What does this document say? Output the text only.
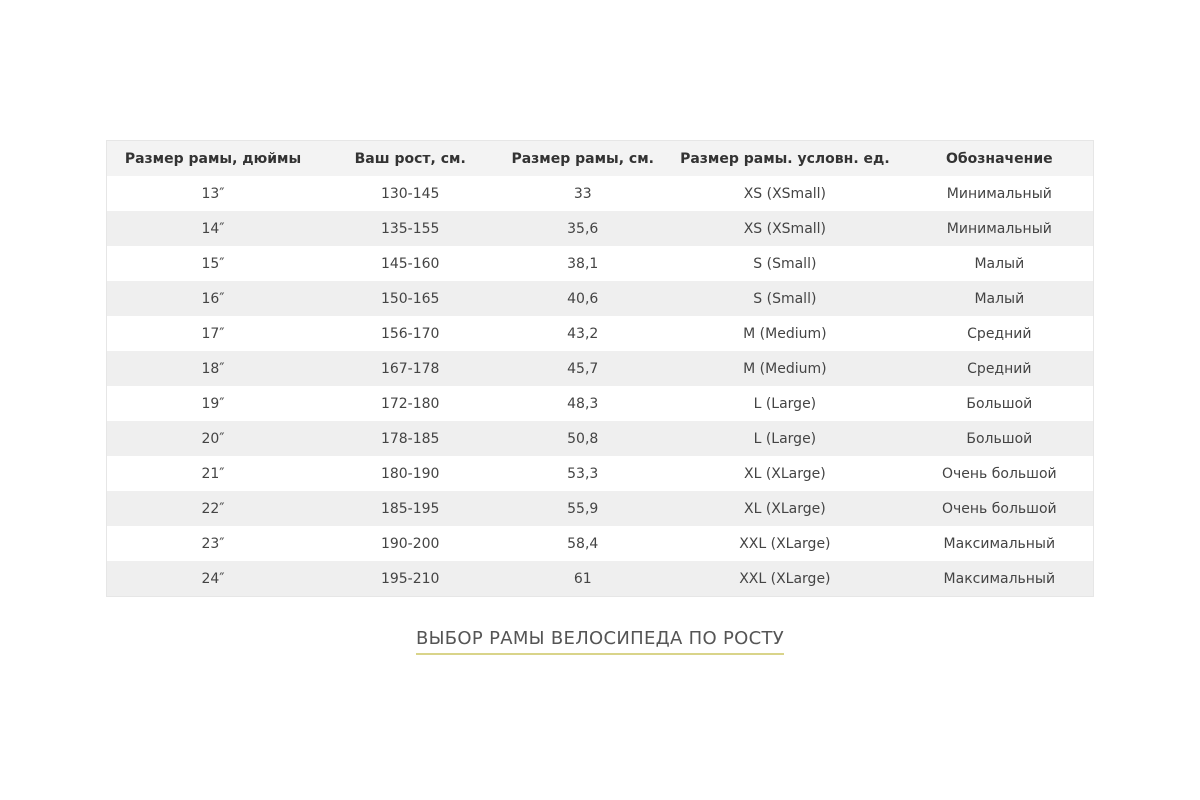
Размер рамы, дюймы	Ваш рост, см.	Размер рамы, см.	Размер рамы. условн. ед.	Обозначение
13″	130-145	33	XS (XSmall)	Минимальный
14″	135-155	35,6	XS (XSmall)	Минимальный
15″	145-160	38,1	S (Small)	Малый
16″	150-165	40,6	S (Small)	Малый
17″	156-170	43,2	M (Medium)	Средний
18″	167-178	45,7	M (Medium)	Средний
19″	172-180	48,3	L (Large)	Большой
20″	178-185	50,8	L (Large)	Большой
21″	180-190	53,3	XL (XLarge)	Очень большой
22″	185-195	55,9	XL (XLarge)	Очень большой
23″	190-200	58,4	XXL (XLarge)	Максимальный
24″	195-210	61	XXL (XLarge)	Максимальный
ВЫБОР РАМЫ ВЕЛОСИПЕДА ПО РОСТУ
